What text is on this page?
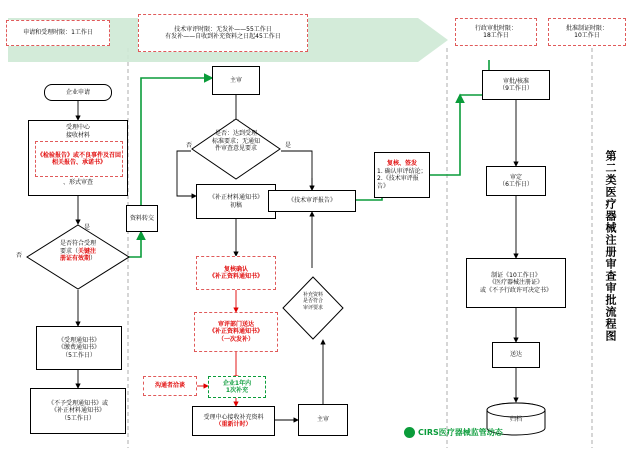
申请和受理时限：1工作日
技术审评时限：无发补——55工作日
有发补——自收到补充资料之日起45工作日
行政审批时限：
18工作日
批准制证时限：
10工作日
企业申请
受理中心
接收材料
《检验报告》或不良事件及召回相关报告、承诺书》
、形式审查
是否符合受理
要求（关键注
册证有效期）
是
否
《受理通知书》
《缴费通知书》
（5工作日）
《不予受理通知书》或
《补正材料通知书》
（5工作日）
资料转交
主审
是否：达到受理
标准要求；无通知
件审查意见要求
否	是
《补正材料通知书》
初稿
复核确认
《补正资料通知书》
审评部门送达
《补正资料通知书》
（一次发补）
沟通者洽谈	企业1年内
1次补充
受理中心接收补充资料
（重新计时）
主审
补充资料
是否符合
审评要求
《技术审评报告》
复核、签发
1. 确认审评结论；
2.《技术审评报告》
审批/核准
（9工作日）
审定
（6工作日）
制证《10工作日》
《医疗器械注册证》
或《不予行政许可决定书》
送达
归档
第二类医疗器械注册审查审批流程图
CIRS医疗器械监管动态
